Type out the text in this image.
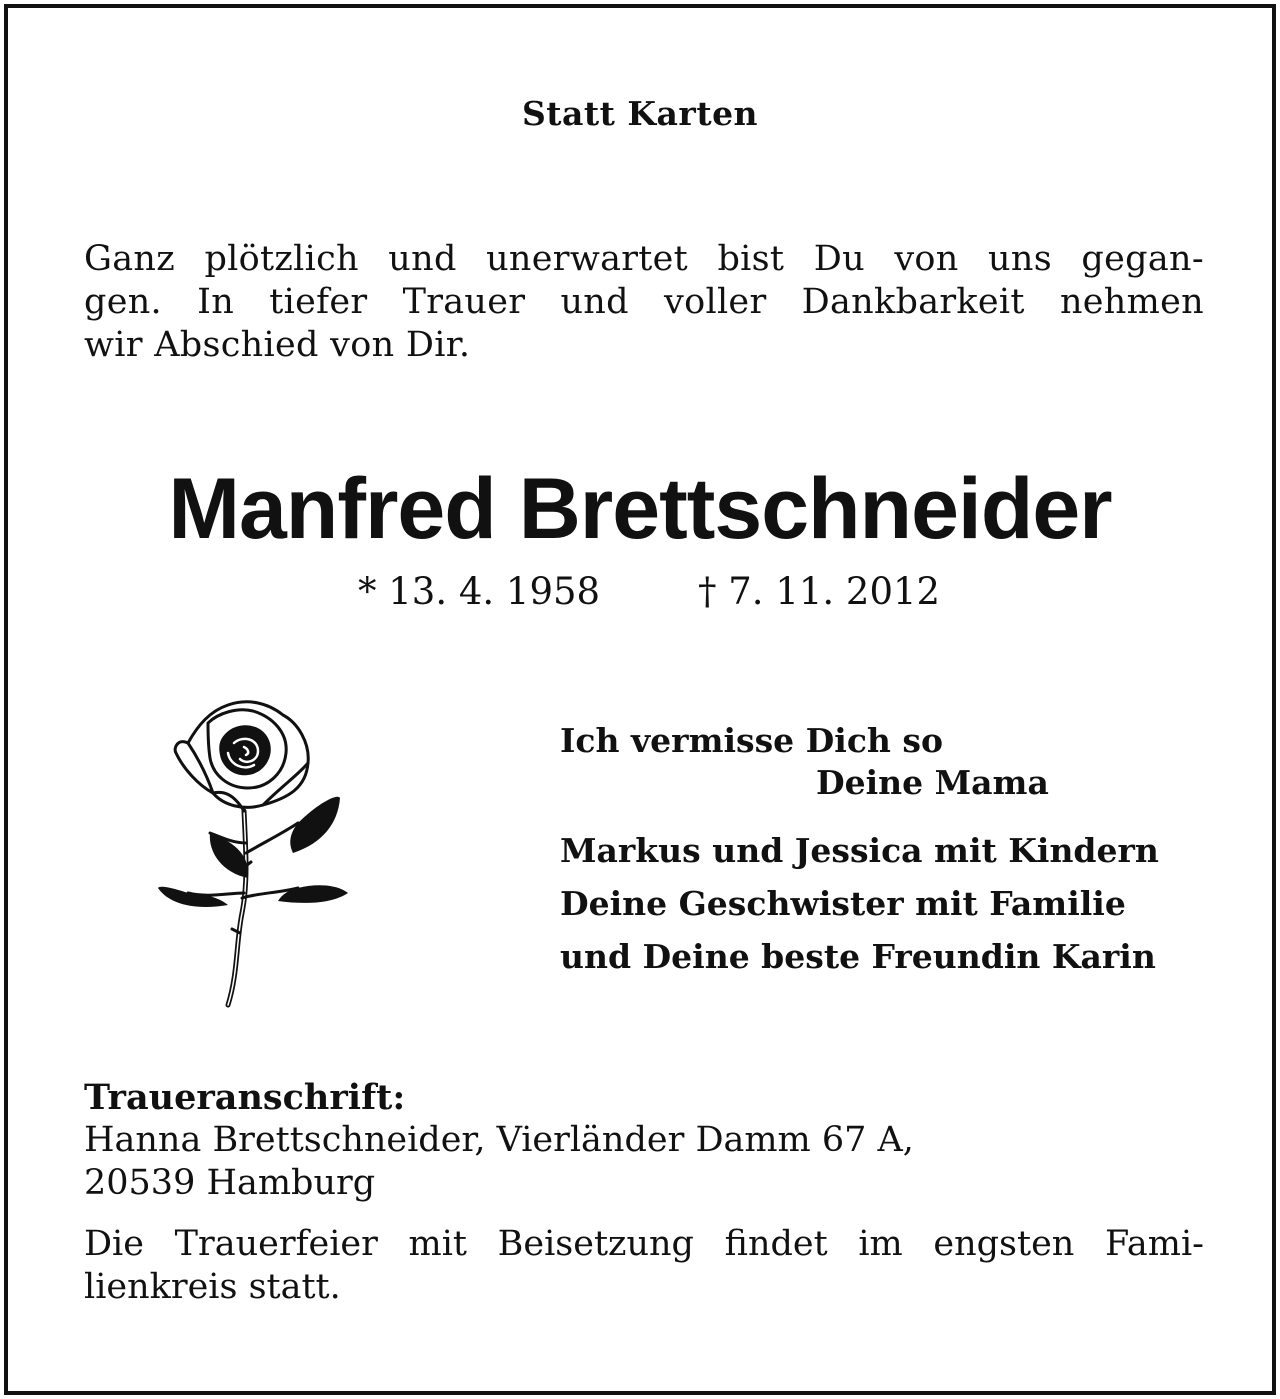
Statt Karten
Ganz plötzlich und unerwartet bist Du von uns gegan-
gen. In tiefer Trauer und voller Dankbarkeit nehmen
wir Abschied von Dir.
Manfred Brettschneider
* 13. 4. 1958	† 7. 11. 2012
Ich vermisse Dich so
Deine Mama
Markus und Jessica mit Kindern
Deine Geschwister mit Familie
und Deine beste Freundin Karin
Traueranschrift:
Hanna Brettschneider, Vierländer Damm 67 A,
20539 Hamburg
Die Trauerfeier mit Beisetzung findet im engsten Fami-
lienkreis statt.
